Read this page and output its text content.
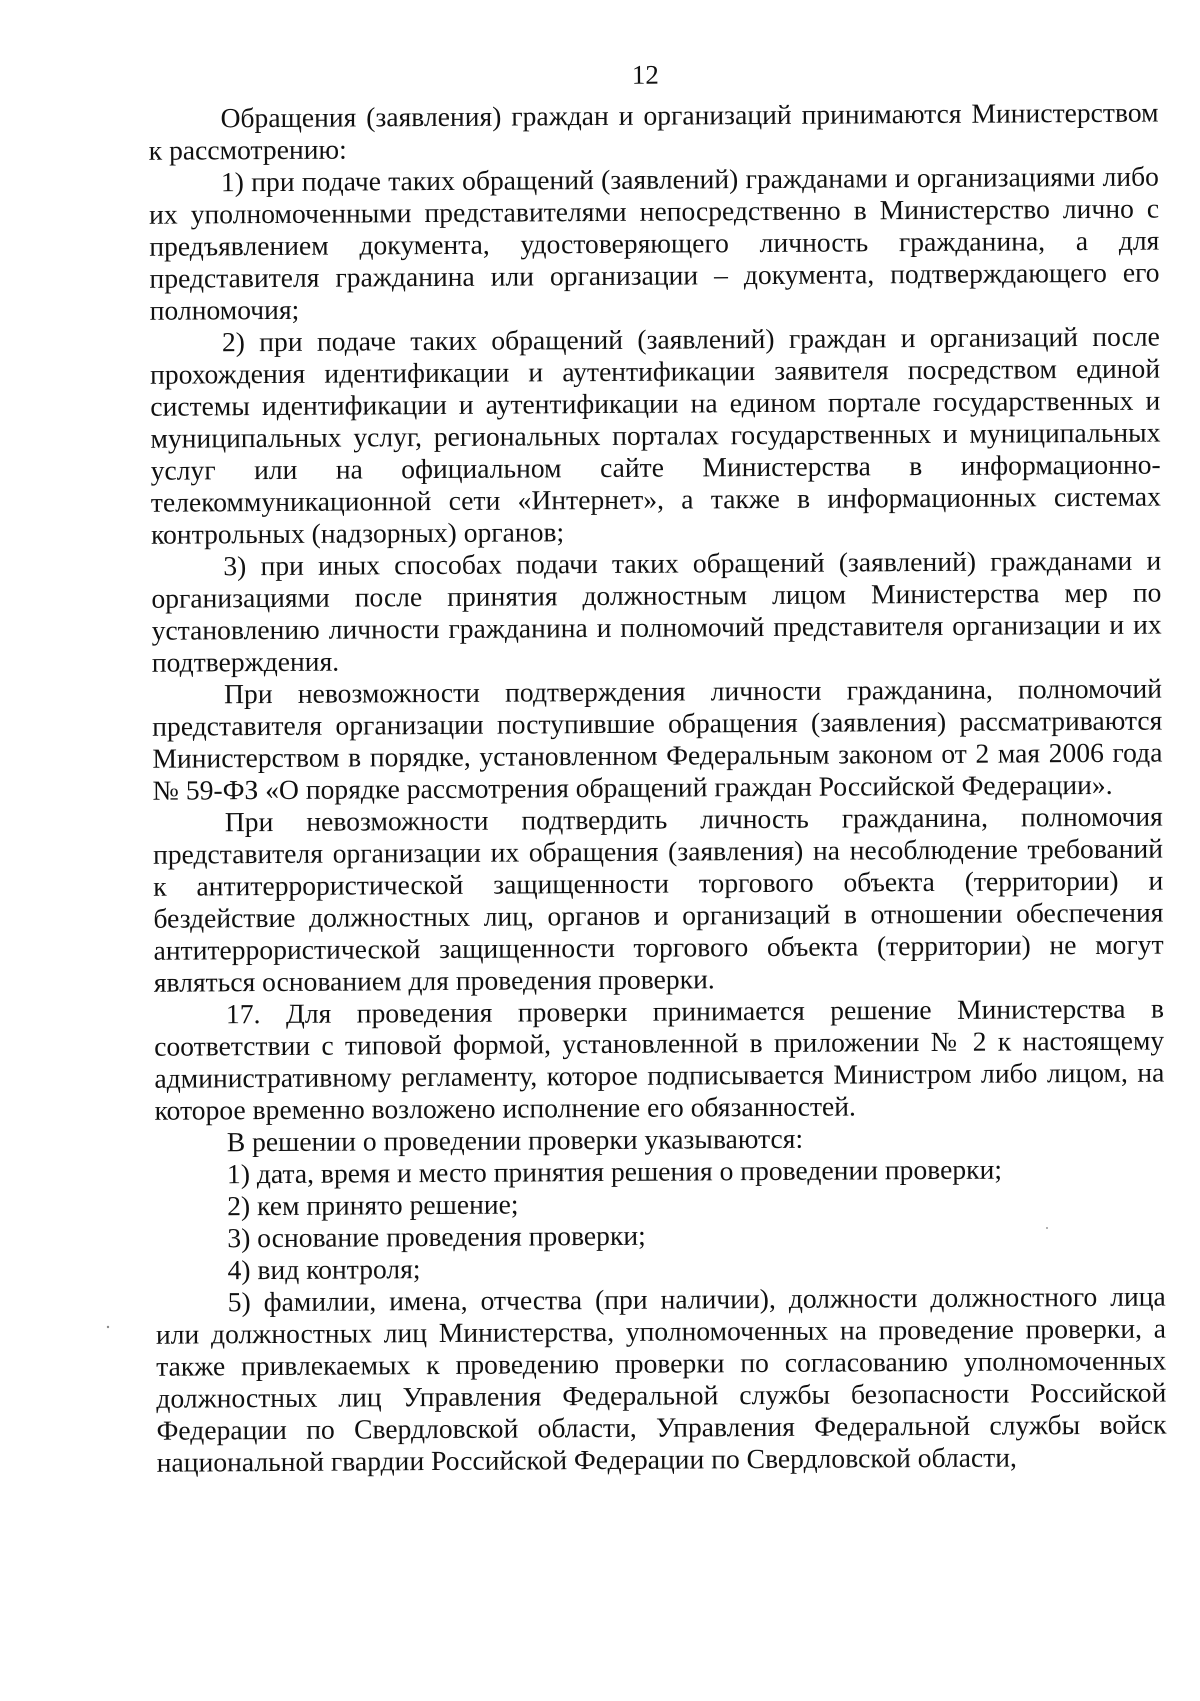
12

Обращения (заявления) граждан и организаций принимаются Министерством к рассмотрению:

1) при подаче таких обращений (заявлений) гражданами и организациями либо их уполномоченными представителями непосредственно в Министерство лично с предъявлением документа, удостоверяющего личность гражданина, а для представителя гражданина или организации – документа, подтверждающего его полномочия;

2) при подаче таких обращений (заявлений) граждан и организаций после прохождения идентификации и аутентификации заявителя посредством единой системы идентификации и аутентификации на едином портале государственных и муниципальных услуг, региональных порталах государственных и муниципальных услуг или на официальном сайте Министерства в информационно-телекоммуникационной сети «Интернет», а также в информационных системах контрольных (надзорных) органов;

3) при иных способах подачи таких обращений (заявлений) гражданами и организациями после принятия должностным лицом Министерства мер по установлению личности гражданина и полномочий представителя организации и их подтверждения.

При невозможности подтверждения личности гражданина, полномочий представителя организации поступившие обращения (заявления) рассматриваются Министерством в порядке, установленном Федеральным законом от 2 мая 2006 года № 59-ФЗ «О порядке рассмотрения обращений граждан Российской Федерации».

При невозможности подтвердить личность гражданина, полномочия представителя организации их обращения (заявления) на несоблюдение требований к антитеррористической защищенности торгового объекта (территории) и бездействие должностных лиц, органов и организаций в отношении обеспечения антитеррористической защищенности торгового объекта (территории) не могут являться основанием для проведения проверки.

17. Для проведения проверки принимается решение Министерства в соответствии с типовой формой, установленной в приложении № 2 к настоящему административному регламенту, которое подписывается Министром либо лицом, на которое временно возложено исполнение его обязанностей.

В решении о проведении проверки указываются:

1) дата, время и место принятия решения о проведении проверки;

2) кем принято решение;

3) основание проведения проверки;

4) вид контроля;

5) фамилии, имена, отчества (при наличии), должности должностного лица или должностных лиц Министерства, уполномоченных на проведение проверки, а также привлекаемых к проведению проверки по согласованию уполномоченных должностных лиц Управления Федеральной службы безопасности Российской Федерации по Свердловской области, Управления Федеральной службы войск национальной гвардии Российской Федерации по Свердловской области,
